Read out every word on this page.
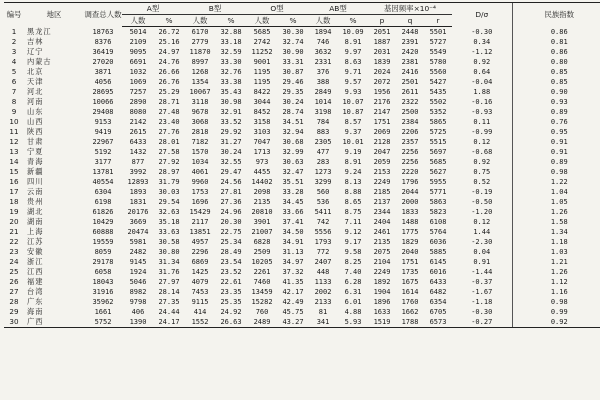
编号	地区	调查总人数	A型		B型		O型		AB型		基因频率×10⁻⁴			D/σ	民族指数
			人数	%	人数	%	人数	%	人数	%	p	q	r		
1	黑龙江	18763	5014	26.72	6170	32.88	5685	30.30	1894	10.09	2051	2448	5501	-0.30	0.86
2	吉林	8376	2109	25.16	2779	33.18	2742	32.74	746	8.91	1887	2391	5727	0.34	0.81
3	辽宁	36419	9095	24.97	11870	32.59	11252	30.90	3632	9.97	2031	2420	5549	-1.12	0.86
4	内蒙古	27020	6691	24.76	8997	33.30	9001	33.31	2331	8.63	1839	2381	5780	0.92	0.80
5	北京	3871	1032	26.66	1268	32.76	1195	30.87	376	9.71	2024	2416	5560	0.64	0.85
6	天津	4056	1069	26.76	1354	33.38	1195	29.46	388	9.57	2072	2501	5427	-0.04	0.85
7	河北	28695	7257	25.29	10067	35.43	8422	29.35	2849	9.93	1956	2611	5435	1.88	0.90
8	河南	10066	2890	28.71	3118	30.98	3044	30.24	1014	10.07	2176	2322	5502	-0.16	0.93
9	山东	29408	8080	27.48	9678	32.91	8452	28.74	3198	10.87	2147	2500	5352	-0.93	0.89
10	山西	9153	2142	23.40	3068	33.52	3158	34.51	784	8.57	1751	2384	5865	0.11	0.76
11	陕西	9419	2615	27.76	2818	29.92	3103	32.94	883	9.37	2069	2206	5725	-0.99	0.95
12	甘肃	22967	6433	28.01	7182	31.27	7047	30.68	2305	10.01	2128	2357	5515	0.12	0.91
13	宁夏	5192	1432	27.58	1570	30.24	1713	32.99	477	9.19	2047	2256	5697	-0.68	0.91
14	青海	3177	877	27.92	1034	32.55	973	30.63	283	8.91	2059	2256	5685	0.92	0.89
15	新疆	13781	3992	28.97	4061	29.47	4455	32.47	1273	9.24	2153	2220	5627	0.75	0.98
16	四川	40554	12893	31.79	9960	24.56	14402	35.51	3299	8.13	2249	1796	5955	0.52	1.22
17	云南	6304	1893	30.03	1753	27.81	2098	33.28	560	8.88	2185	2044	5771	-0.19	1.04
18	贵州	6198	1831	29.54	1696	27.36	2135	34.45	536	8.65	2137	2000	5863	-0.50	1.05
19	湖北	61826	20176	32.63	15429	24.96	20810	33.66	5411	8.75	2344	1833	5823	-1.20	1.26
20	湖南	10429	3669	35.18	2117	20.30	3901	37.41	742	7.11	2404	1488	6108	0.12	1.58
21	上海	60888	20474	33.63	13851	22.75	21007	34.50	5556	9.12	2461	1775	5764	1.44	1.34
22	江苏	19559	5981	30.58	4957	25.34	6828	34.91	1793	9.17	2135	1829	6036	-2.30	1.18
23	安徽	8059	2482	30.80	2296	28.49	2509	31.13	772	9.58	2075	2040	5885	0.04	1.03
24	浙江	29178	9145	31.34	6869	23.54	10205	34.97	2407	8.25	2104	1751	6145	0.91	1.21
25	江西	6058	1924	31.76	1425	23.52	2261	37.32	448	7.40	2249	1735	6016	-1.44	1.26
26	福建	18043	5046	27.97	4079	22.61	7460	41.35	1133	6.28	1892	1675	6433	-0.37	1.12
27	台湾	31916	8982	28.14	7453	23.35	13459	42.17	2002	6.31	1904	1614	6482	-1.67	1.16
28	广东	35962	9798	27.35	9115	25.35	15282	42.49	2133	6.01	1896	1760	6354	-1.18	0.98
29	海南	1661	406	24.44	414	24.92	760	45.75	81	4.88	1633	1662	6705	-0.30	0.99
30	广西	5752	1390	24.17	1552	26.63	2489	43.27	341	5.93	1519	1788	6573	-0.27	0.92
